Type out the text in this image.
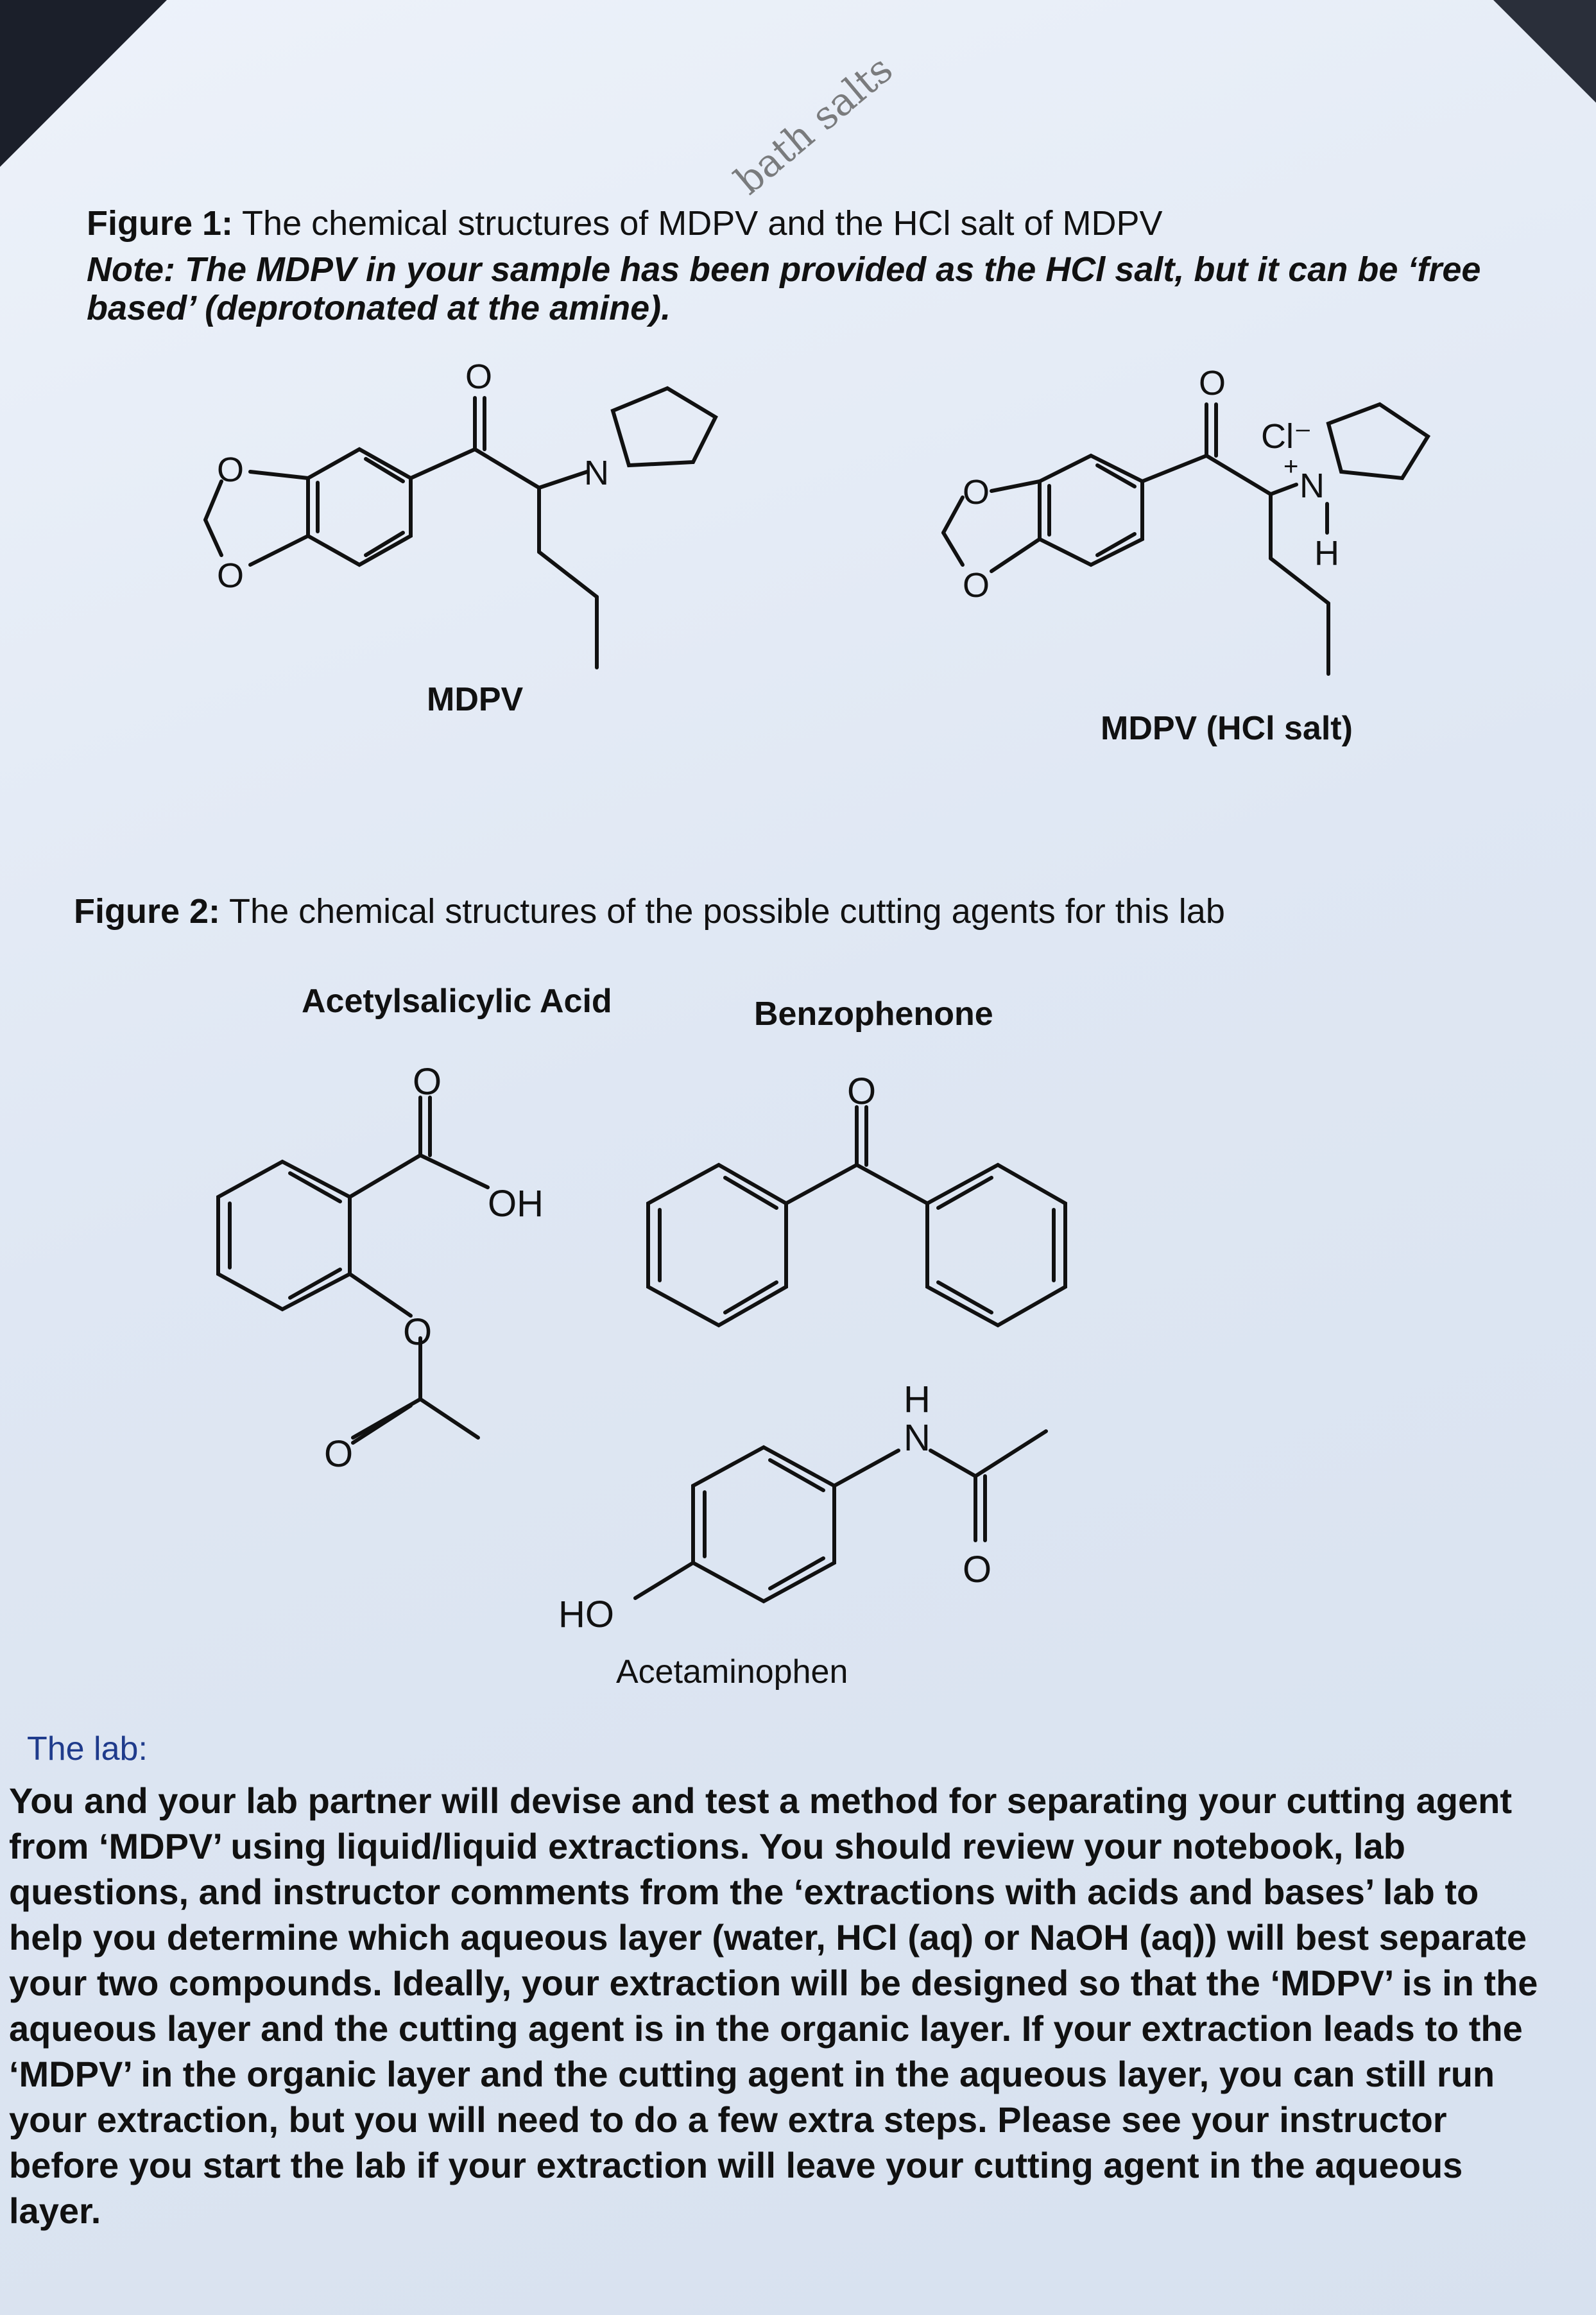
bath salts
Figure 1: The chemical structures of MDPV and the HCl salt of MDPV
Note: The MDPV in your sample has been provided as the HCl salt, but it can be ‘free based’ (deprotonated at the amine).
O
O
O
N
O
O
O
N
+
H
Cl⁻
MDPV
MDPV (HCl salt)
Figure 2: The chemical structures of the possible cutting agents for this lab
Acetylsalicylic Acid	Benzophenone
Acetaminophen
O
OH
O
O
O
H
N
O
HO
The lab:
You and your lab partner will devise and test a method for separating your cutting agent from ‘MDPV’ using liquid/liquid extractions. You should review your notebook, lab questions, and instructor comments from the ‘extractions with acids and bases’ lab to help you determine which aqueous layer (water, HCl (aq) or NaOH (aq)) will best separate your two compounds. Ideally, your extraction will be designed so that the ‘MDPV’ is in the aqueous layer and the cutting agent is in the organic layer. If your extraction leads to the ‘MDPV’ in the organic layer and the cutting agent in the aqueous layer, you can still run your extraction, but you will need to do a few extra steps. Please see your instructor before you start the lab if your extraction will leave your cutting agent in the aqueous layer.
